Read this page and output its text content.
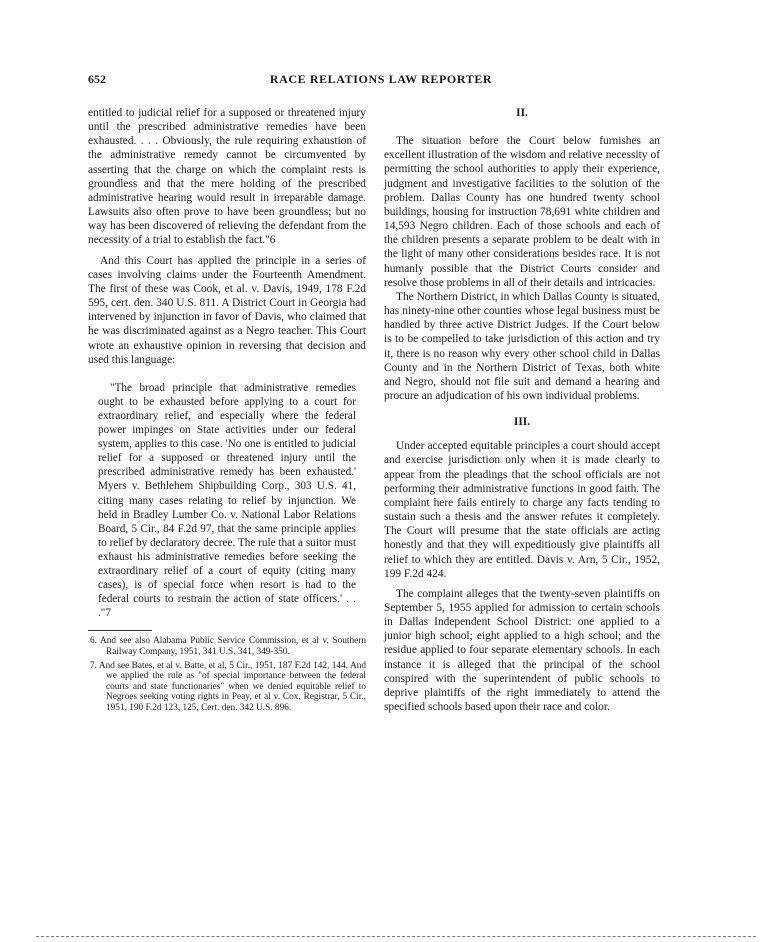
652	RACE RELATIONS LAW REPORTER

entitled to judicial relief for a supposed or threatened injury until the prescribed administrative remedies have been exhausted. . . . Obviously, the rule requiring exhaustion of the administrative remedy cannot be circumvented by asserting that the charge on which the complaint rests is groundless and that the mere holding of the prescribed administrative hearing would result in irreparable damage. Lawsuits also often prove to have been groundless; but no way has been discovered of relieving the defendant from the necessity of a trial to establish the fact."6

And this Court has applied the principle in a series of cases involving claims under the Fourteenth Amendment. The first of these was Cook, et al. v. Davis, 1949, 178 F.2d 595, cert. den. 340 U.S. 811. A District Court in Georgia had intervened by injunction in favor of Davis, who claimed that he was discriminated against as a Negro teacher. This Court wrote an exhaustive opinion in reversing that decision and used this language:

"The broad principle that administrative remedies ought to be exhausted before applying to a court for extraordinary relief, and especially where the federal power impinges on State activities under our federal system, applies to this case. 'No one is entitled to judicial relief for a supposed or threatened injury until the prescribed administrative remedy has been exhausted.' Myers v. Bethlehem Shipbuilding Corp., 303 U.S. 41, citing many cases relating to relief by injunction. We held in Bradley Lumber Co. v. National Labor Relations Board, 5 Cir., 84 F.2d 97, that the same principle applies to relief by declaratory decree. The rule that a suitor must exhaust his administrative remedies before seeking the extraordinary relief of a court of equity (citing many cases), is of special force when resort is had to the federal courts to restrain the action of state officers.' . . ."7

6. And see also Alabama Public Service Commission, et al v. Southern Railway Company, 1951, 341 U.S. 341, 349-350.

7. And see Bates, et al v. Batte, et al, 5 Cir., 1951, 187 F.2d 142, 144. And we applied the rule as "of special importance between the federal courts and state functionaries" when we denied equitable relief to Negroes seeking voting rights in Peay, et al v. Cox, Registrar, 5 Cir., 1951, 190 F.2d 123, 125, Cert. den. 342 U.S. 896.

II.

The situation before the Court below furnishes an excellent illustration of the wisdom and relative necessity of permitting the school authorities to apply their experience, judgment and investigative facilities to the solution of the problem. Dallas County has one hundred twenty school buildings, housing for instruction 78,691 white children and 14,593 Negro children. Each of those schools and each of the children presents a separate problem to be dealt with in the light of many other considerations besides race. It is not humanly possible that the District Courts consider and resolve those problems in all of their details and intricacies.

The Northern District, in which Dallas County is situated, has ninety-nine other counties whose legal business must be handled by three active District Judges. If the Court below is to be compelled to take jurisdiction of this action and try it, there is no reason why every other school child in Dallas County and in the Northern District of Texas, both white and Negro, should not file suit and demand a hearing and procure an adjudication of his own individual problems.

III.

Under accepted equitable principles a court should accept and exercise jurisdiction only when it is made clearly to appear from the pleadings that the school officials are not performing their administrative functions in good faith. The complaint here fails entirely to charge any facts tending to sustain such a thesis and the answer refutes it completely. The Court will presume that the state officials are acting honestly and that they will expeditiously give plaintiffs all relief to which they are entitled. Davis v. Arn, 5 Cir., 1952, 199 F.2d 424.

The complaint alleges that the twenty-seven plaintiffs on September 5, 1955 applied for admission to certain schools in Dallas Independent School District: one applied to a junior high school; eight applied to a high school; and the residue applied to four separate elementary schools. In each instance it is alleged that the principal of the school conspired with the superintendent of public schools to deprive plaintiffs of the right immediately to attend the specified schools based upon their race and color.
